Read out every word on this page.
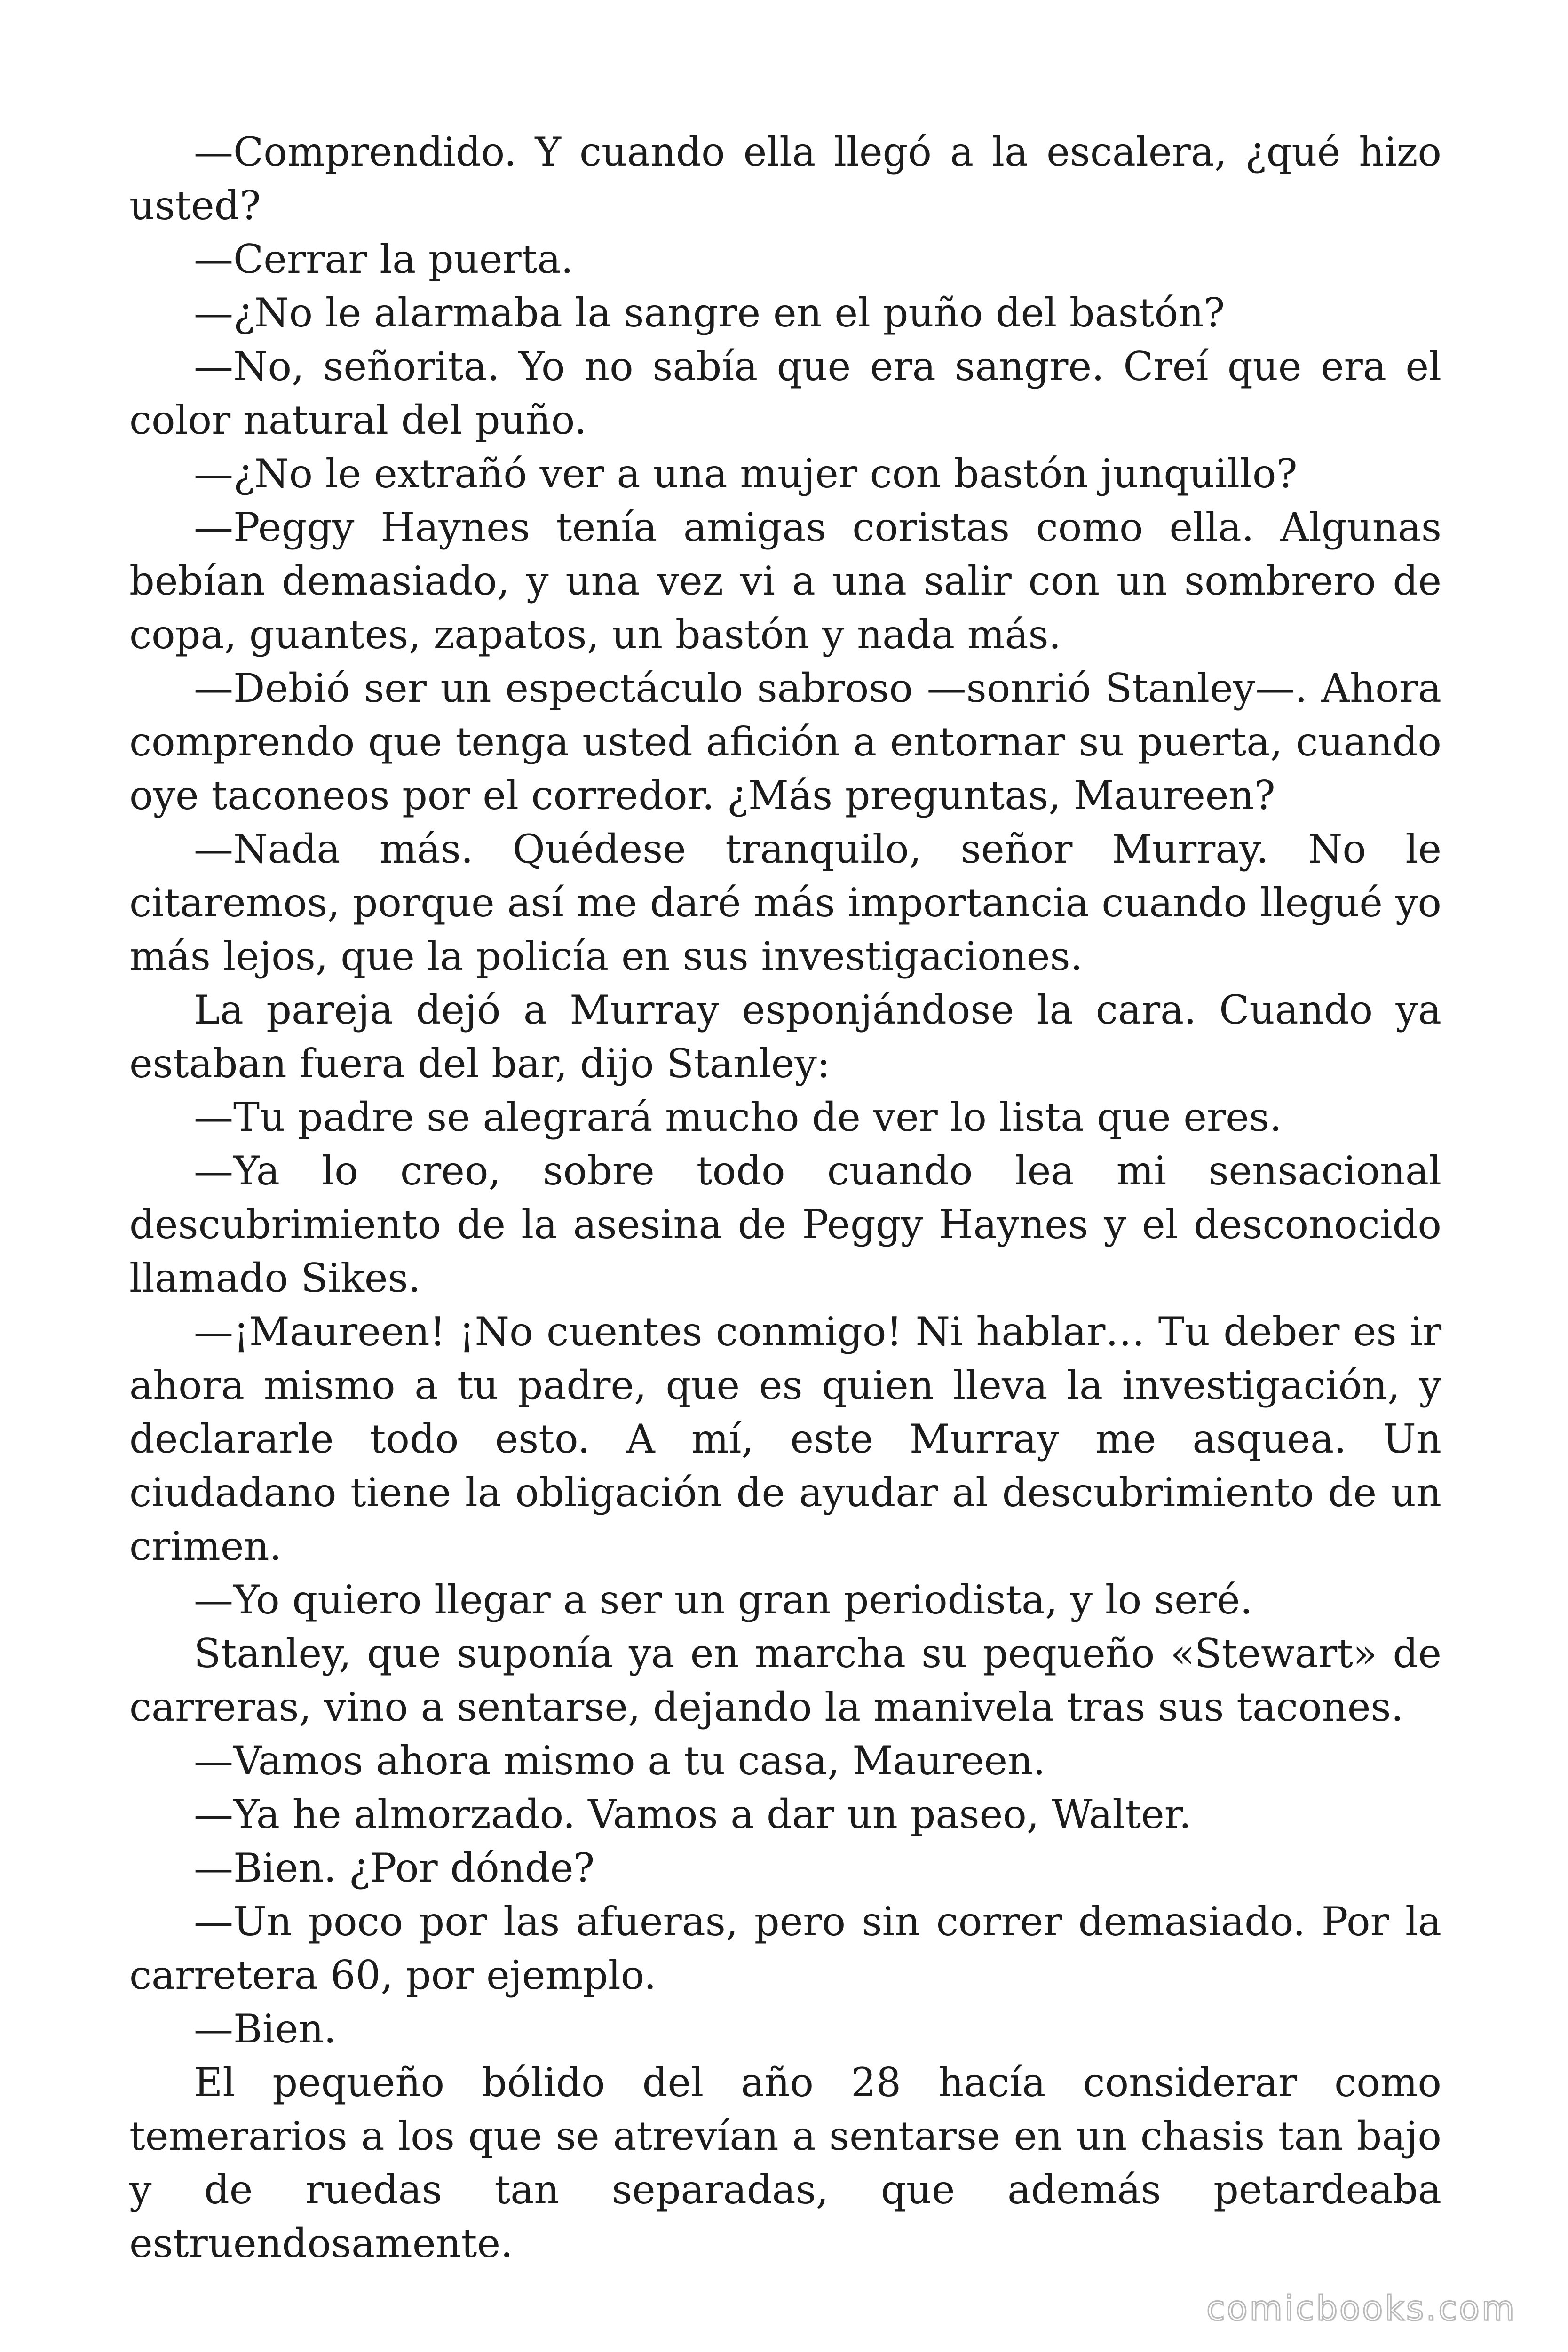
—Comprendido. Y cuando ella llegó a la escalera, ¿qué hizo usted?

—Cerrar la puerta.

—¿No le alarmaba la sangre en el puño del bastón?

—No, señorita. Yo no sabía que era sangre. Creí que era el color natural del puño.

—¿No le extrañó ver a una mujer con bastón junquillo?

—Peggy Haynes tenía amigas coristas como ella. Algunas bebían demasiado, y una vez vi a una salir con un sombrero de copa, guantes, zapatos, un bastón y nada más.

—Debió ser un espectáculo sabroso —sonrió Stanley—. Ahora comprendo que tenga usted afición a entornar su puerta, cuando oye taconeos por el corredor. ¿Más preguntas, Maureen?

—Nada más. Quédese tranquilo, señor Murray. No le citaremos, porque así me daré más importancia cuando llegué yo más lejos, que la policía en sus investigaciones.

La pareja dejó a Murray esponjándose la cara. Cuando ya estaban fuera del bar, dijo Stanley:

—Tu padre se alegrará mucho de ver lo lista que eres.

—Ya lo creo, sobre todo cuando lea mi sensacional descubrimiento de la asesina de Peggy Haynes y el desconocido llamado Sikes.

—¡Maureen! ¡No cuentes conmigo! Ni hablar… Tu deber es ir ahora mismo a tu padre, que es quien lleva la investigación, y declararle todo esto. A mí, este Murray me asquea. Un ciudadano tiene la obligación de ayudar al descubrimiento de un crimen.

—Yo quiero llegar a ser un gran periodista, y lo seré.

Stanley, que suponía ya en marcha su pequeño «Stewart» de carreras, vino a sentarse, dejando la manivela tras sus tacones.

—Vamos ahora mismo a tu casa, Maureen.

—Ya he almorzado. Vamos a dar un paseo, Walter.

—Bien. ¿Por dónde?

—Un poco por las afueras, pero sin correr demasiado. Por la carretera 60, por ejemplo.

—Bien.

El pequeño bólido del año 28 hacía considerar como temerarios a los que se atrevían a sentarse en un chasis tan bajo y de ruedas tan separadas, que además petardeaba estruendosamente.

comicbooks.com
